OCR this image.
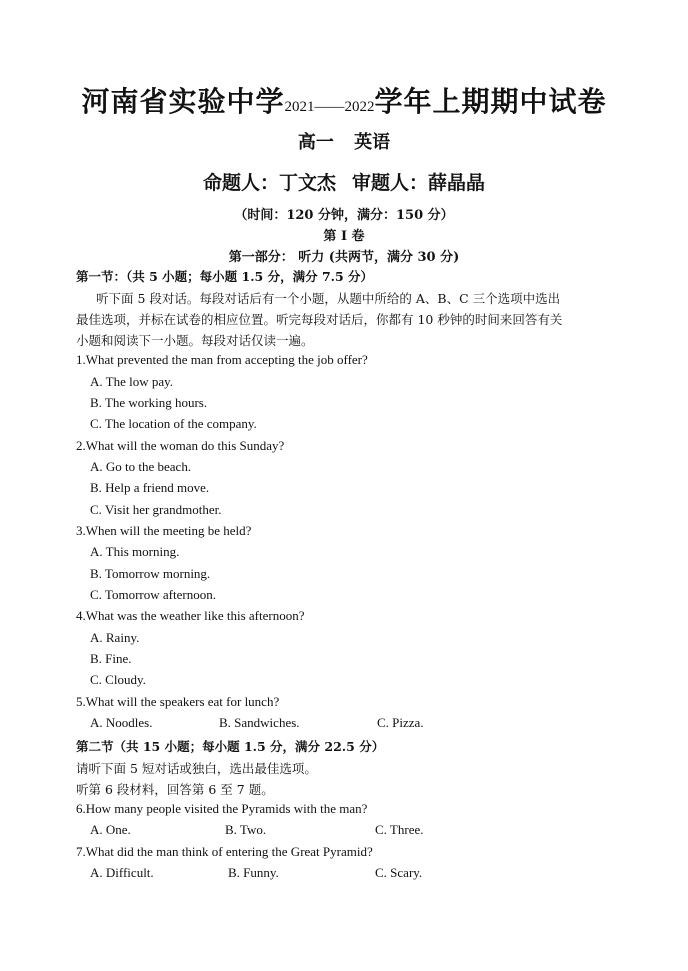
河南省实验中学2021——2022学年上期期中试卷
高一 英语
命题人：丁文杰 审题人：薛晶晶
（时间：120 分钟，满分：150 分）
第 I 卷
第一部分： 听力 (共两节，满分 30 分)
第一节：（共 5 小题；每小题 1.5 分，满分 7.5 分）
听下面 5 段对话。每段对话后有一个小题，从题中所给的 A、B、C 三个选项中选出
最佳选项，并标在试卷的相应位置。听完每段对话后，你都有 10 秒钟的时间来回答有关
小题和阅读下一小题。每段对话仅读一遍。
1.What prevented the man from accepting the job offer?
A. The low pay.
B. The working hours.
C. The location of the company.
2.What will the woman do this Sunday?
A. Go to the beach.
B. Help a friend move.
C. Visit her grandmother.
3.When will the meeting be held?
A. This morning.
B. Tomorrow morning.
C. Tomorrow afternoon.
4.What was the weather like this afternoon?
A. Rainy.
B. Fine.
C. Cloudy.
5.What will the speakers eat for lunch?
A. Noodles.	B. Sandwiches.	C. Pizza.
第二节（共 15 小题；每小题 1.5 分，满分 22.5 分）
请听下面 5 短对话或独白，选出最佳选项。
听第 6 段材料，回答第 6 至 7 题。
6.How many people visited the Pyramids with the man?
A. One.	B. Two.	C. Three.
7.What did the man think of entering the Great Pyramid?
A. Difficult.	B. Funny.	C. Scary.
